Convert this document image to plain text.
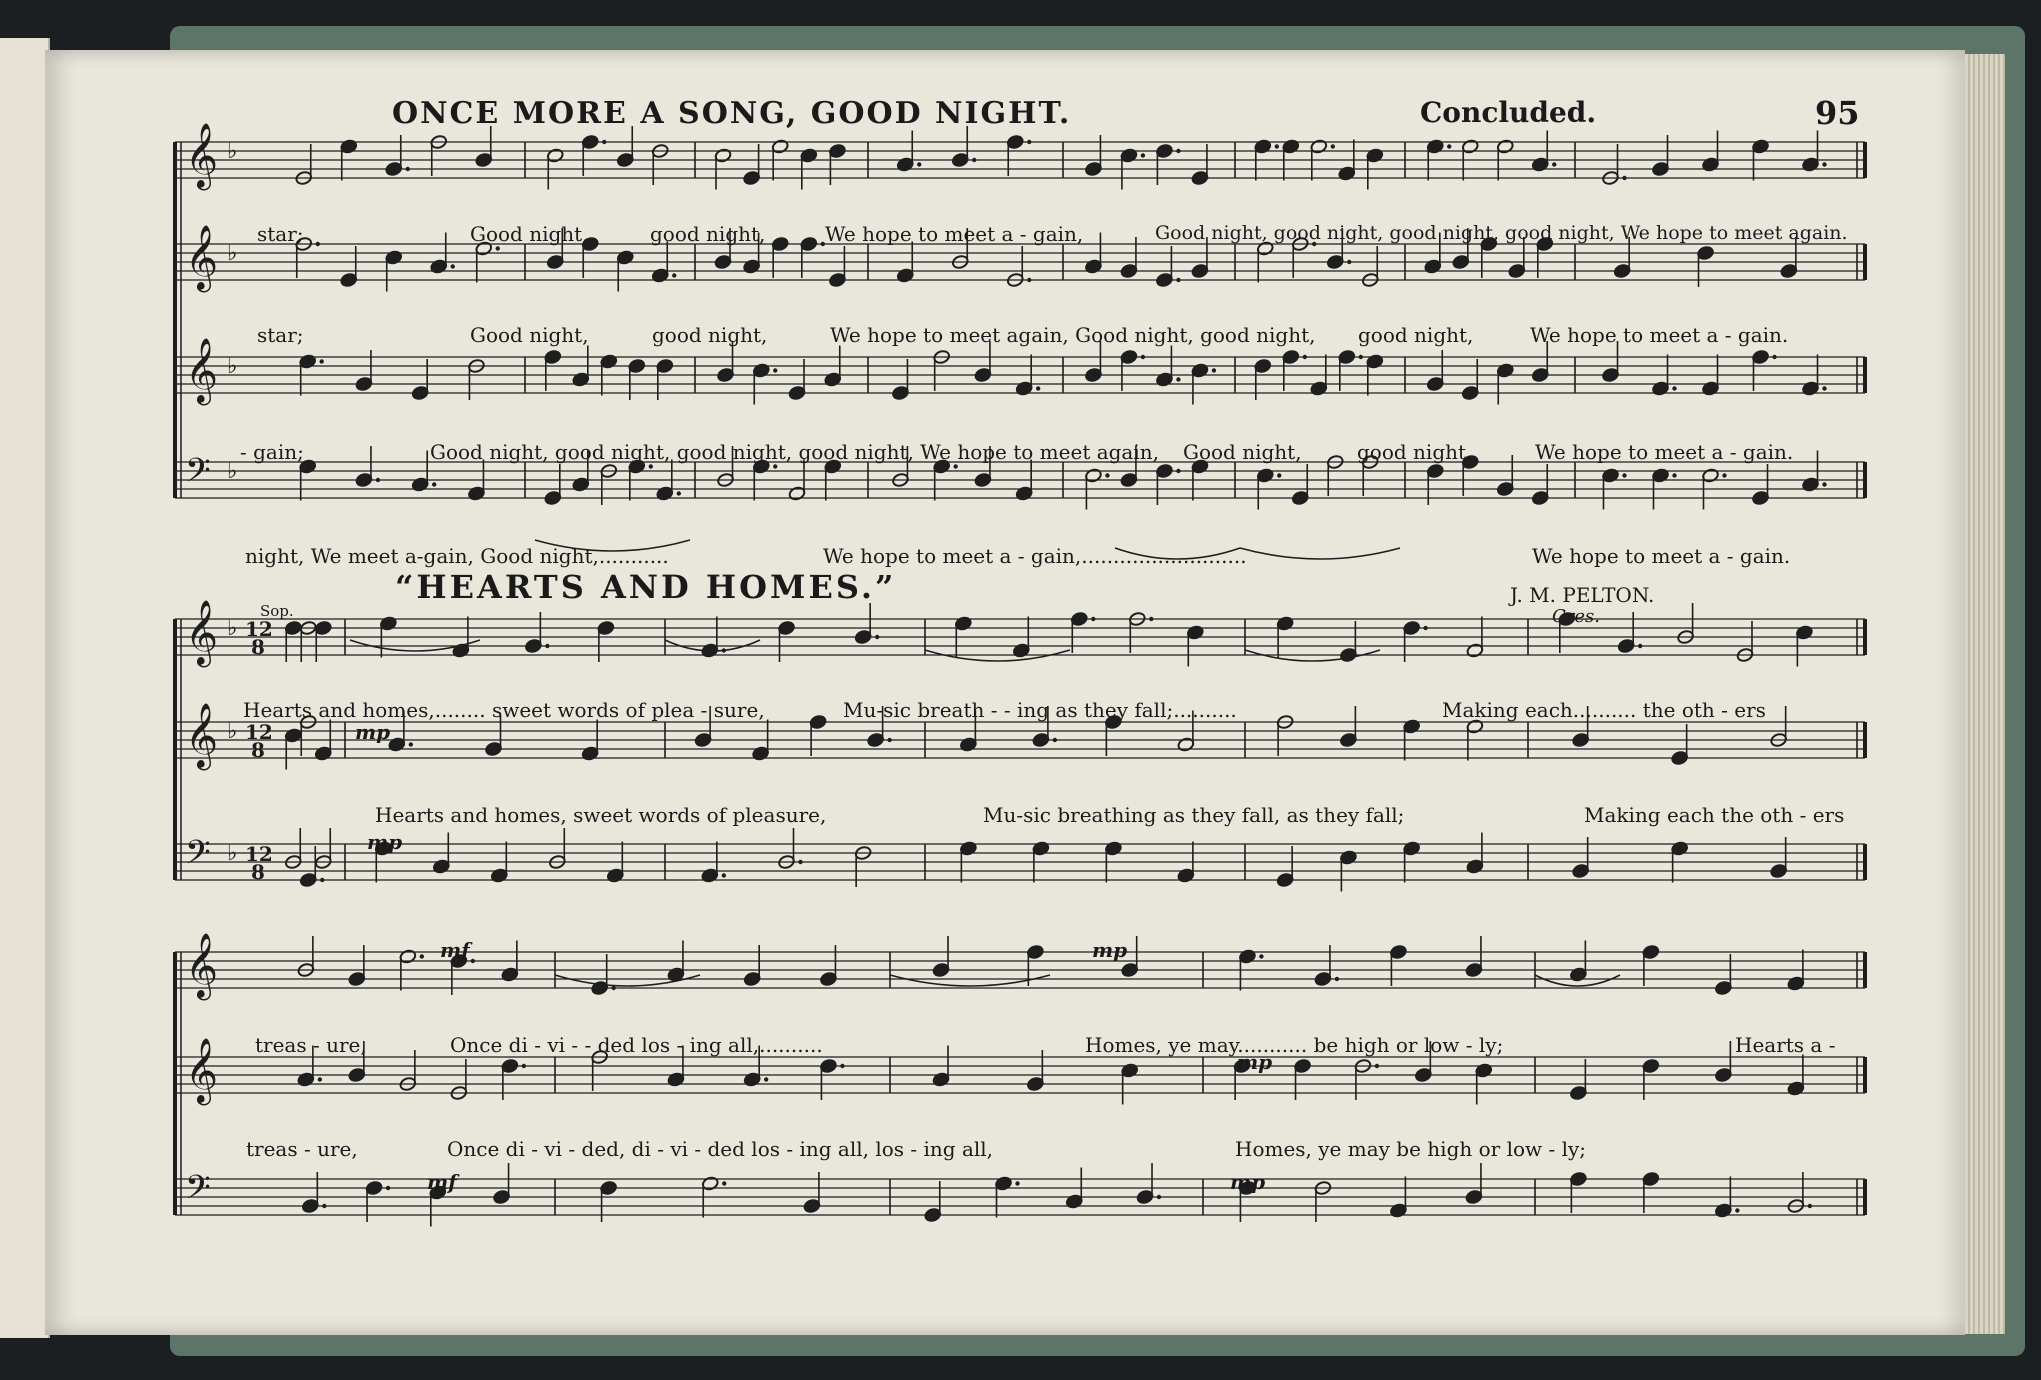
𝄞 ♭
𝄞 ♭
𝄞 ♭
𝄢 ♭
𝄞 ♭ 12
8
𝄞 ♭ 12
8
𝄢 ♭ 12
8
𝄞
𝄞
𝄢
ONCE MORE A SONG, GOOD NIGHT.	Concluded.	95
“HEARTS AND HOMES.”	J. M. PELTON.
Sop.	Cres.
mp
mp
mf	mp
mp
mf	mp
star;	Good night,	good night,	We hope to meet a - gain,	Good night, good night, good night, good night, We hope to meet again.
star;	Good night,	good night,	We hope to meet again, Good night, good night, good night,	We hope to meet a - gain.
- gain;	Good night, good night, good night, good night, We hope to meet again, Good night,	good night,	We hope to meet a - gain.
night, We meet a-gain, Good night,...........	We hope to meet a - gain,..........................	We hope to meet a - gain.
Hearts and homes,........ sweet words of plea - sure,	Mu-sic breath - - ing as they fall;..........	Making each.......... the oth - ers
Hearts and homes, sweet words of pleasure,	Mu-sic breathing as they fall, as they fall;	Making each the oth - ers
treas - ure,	Once di - vi - - ded los - ing all,..........	Homes, ye may........... be high or low - ly;	Hearts a -
treas - ure,	Once di - vi - ded, di - vi - ded los - ing all, los - ing all,	Homes, ye may be high or low - ly;
